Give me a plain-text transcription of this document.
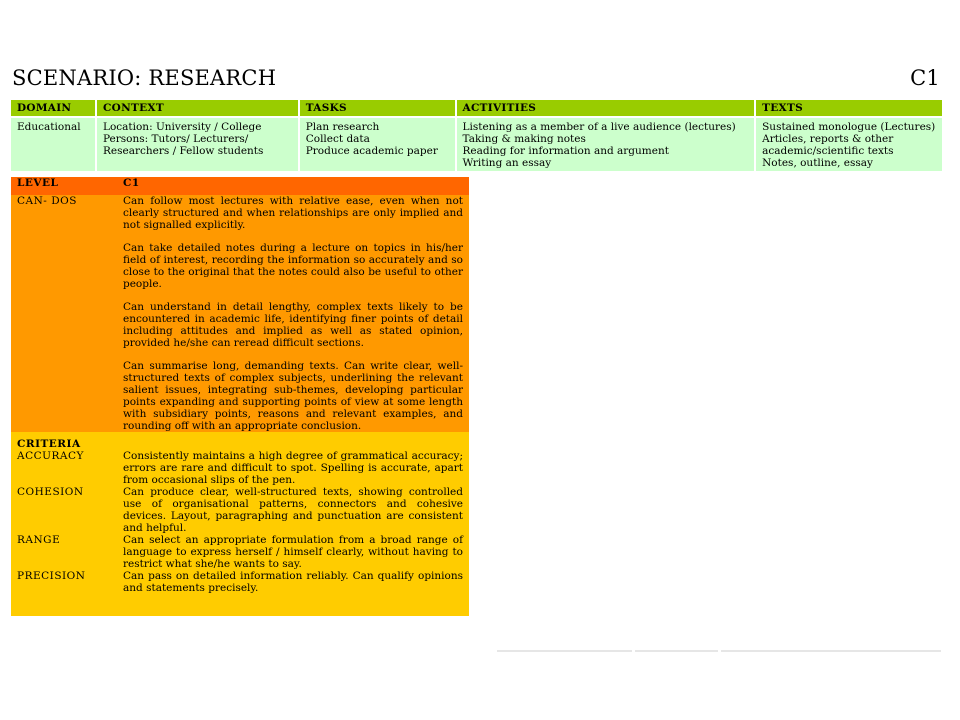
SCENARIO: RESEARCH	C1
DOMAIN	CONTEXT	TASKS	ACTIVITIES	TEXTS

Educational	Location: University / College
Persons: Tutors/ Lecturers/
Researchers / Fellow students	Plan research
Collect data
Produce academic paper	Listening as a member of a live audience (lectures)
Taking & making notes
Reading for information and argument
Writing an essay	Sustained monologue (Lectures)
Articles, reports & other
academic/scientific texts
Notes, outline, essay
LEVEL	C1
CAN- DOS	Can follow most lectures with relative ease, even when not clearly structured and when relationships are only implied and not signalled explicitly.

Can take detailed notes during a lecture on topics in his/her field of interest, recording the information so accurately and so close to the original that the notes could also be useful to other people.

Can understand in detail lengthy, complex texts likely to be encountered in academic life, identifying finer points of detail including attitudes and implied as well as stated opinion, provided he/she can reread difficult sections.

Can summarise long, demanding texts. Can write clear, well-structured texts of complex subjects, underlining the relevant salient issues, integrating sub-themes, developing particular points expanding and supporting points of view at some length with subsidiary points, reasons and relevant examples, and rounding off with an appropriate conclusion.

CRITERIA	
ACCURACY	Consistently maintains a high degree of grammatical accuracy; errors are rare and difficult to spot. Spelling is accurate, apart from occasional slips of the pen.
COHESION	Can produce clear, well-structured texts, showing controlled use of organisational patterns, connectors and cohesive devices. Layout, paragraphing and punctuation are consistent and helpful.
RANGE	Can select an appropriate formulation from a broad range of language to express herself / himself clearly, without having to restrict what she/he wants to say.
PRECISION	Can pass on detailed information reliably. Can qualify opinions and statements precisely.
